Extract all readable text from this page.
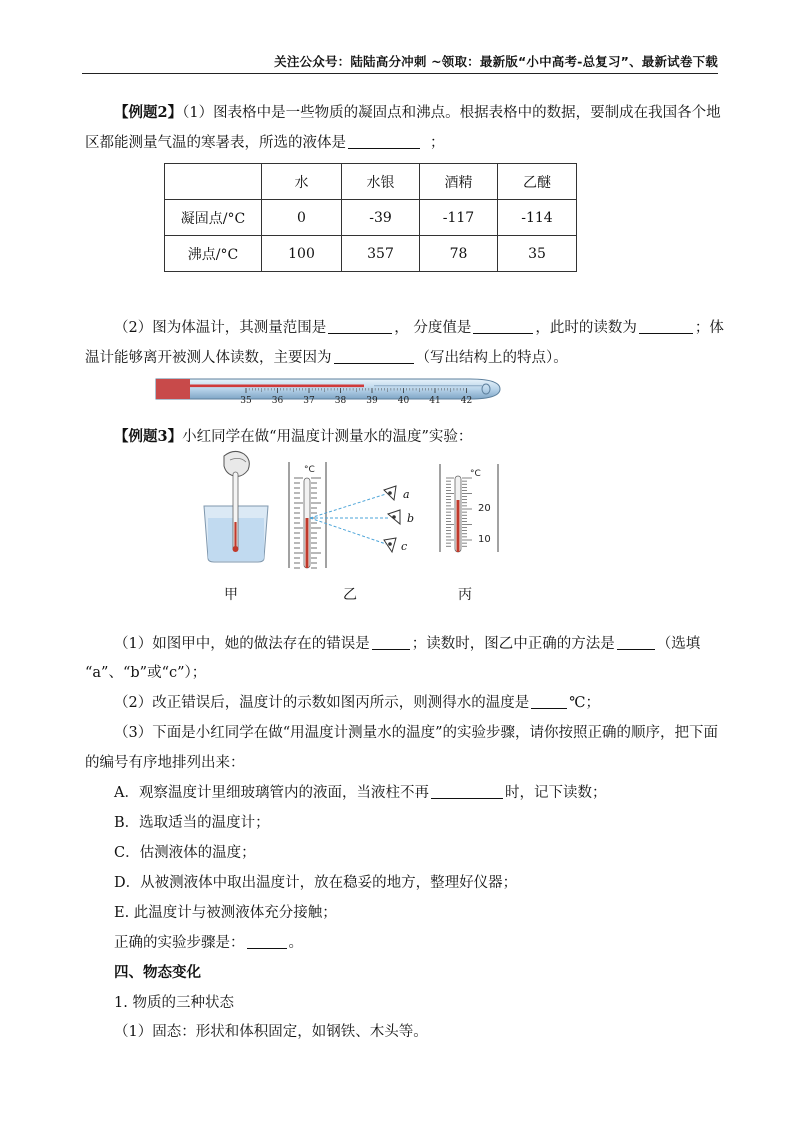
关注公众号：陆陆高分冲刺 ~领取：最新版“小中高考-总复习”、最新试卷下载
【例题2】（1）图表格中是一些物质的凝固点和沸点。根据表格中的数据，要制成在我国各个地
区都能测量气温的寒暑表，所选的液体是	；
	水	水银	酒精	乙醚
凝固点/°C	0	-39	-117	-114
沸点/°C	100	357	78	35
（2）图为体温计，其测量范围是	， 分度值是	，此时的读数为	；体
温计能够离开被测人体读数，主要因为	（写出结构上的特点）。
35 36 37 38 39 40 41 42
【例题3】小红同学在做“用温度计测量水的温度”实验：
°C
a
b
c
°C
20
10
甲	乙	丙
（1）如图甲中，她的做法存在的错误是	；读数时，图乙中正确的方法是	（选填
“a”、“b”或“c”）；
（2）改正错误后，温度计的示数如图丙所示，则测得水的温度是	℃；
（3）下面是小红同学在做“用温度计测量水的温度”的实验步骤，请你按照正确的顺序，把下面
的编号有序地排列出来：
A．观察温度计里细玻璃管内的液面，当液柱不再	时，记下读数；
B．选取适当的温度计；
C．估测液体的温度；
D．从被测液体中取出温度计，放在稳妥的地方，整理好仪器；
E. 此温度计与被测液体充分接触；
正确的实验步骤是：	。
四、物态变化
1. 物质的三种状态
（1）固态：形状和体积固定，如钢铁、木头等。
